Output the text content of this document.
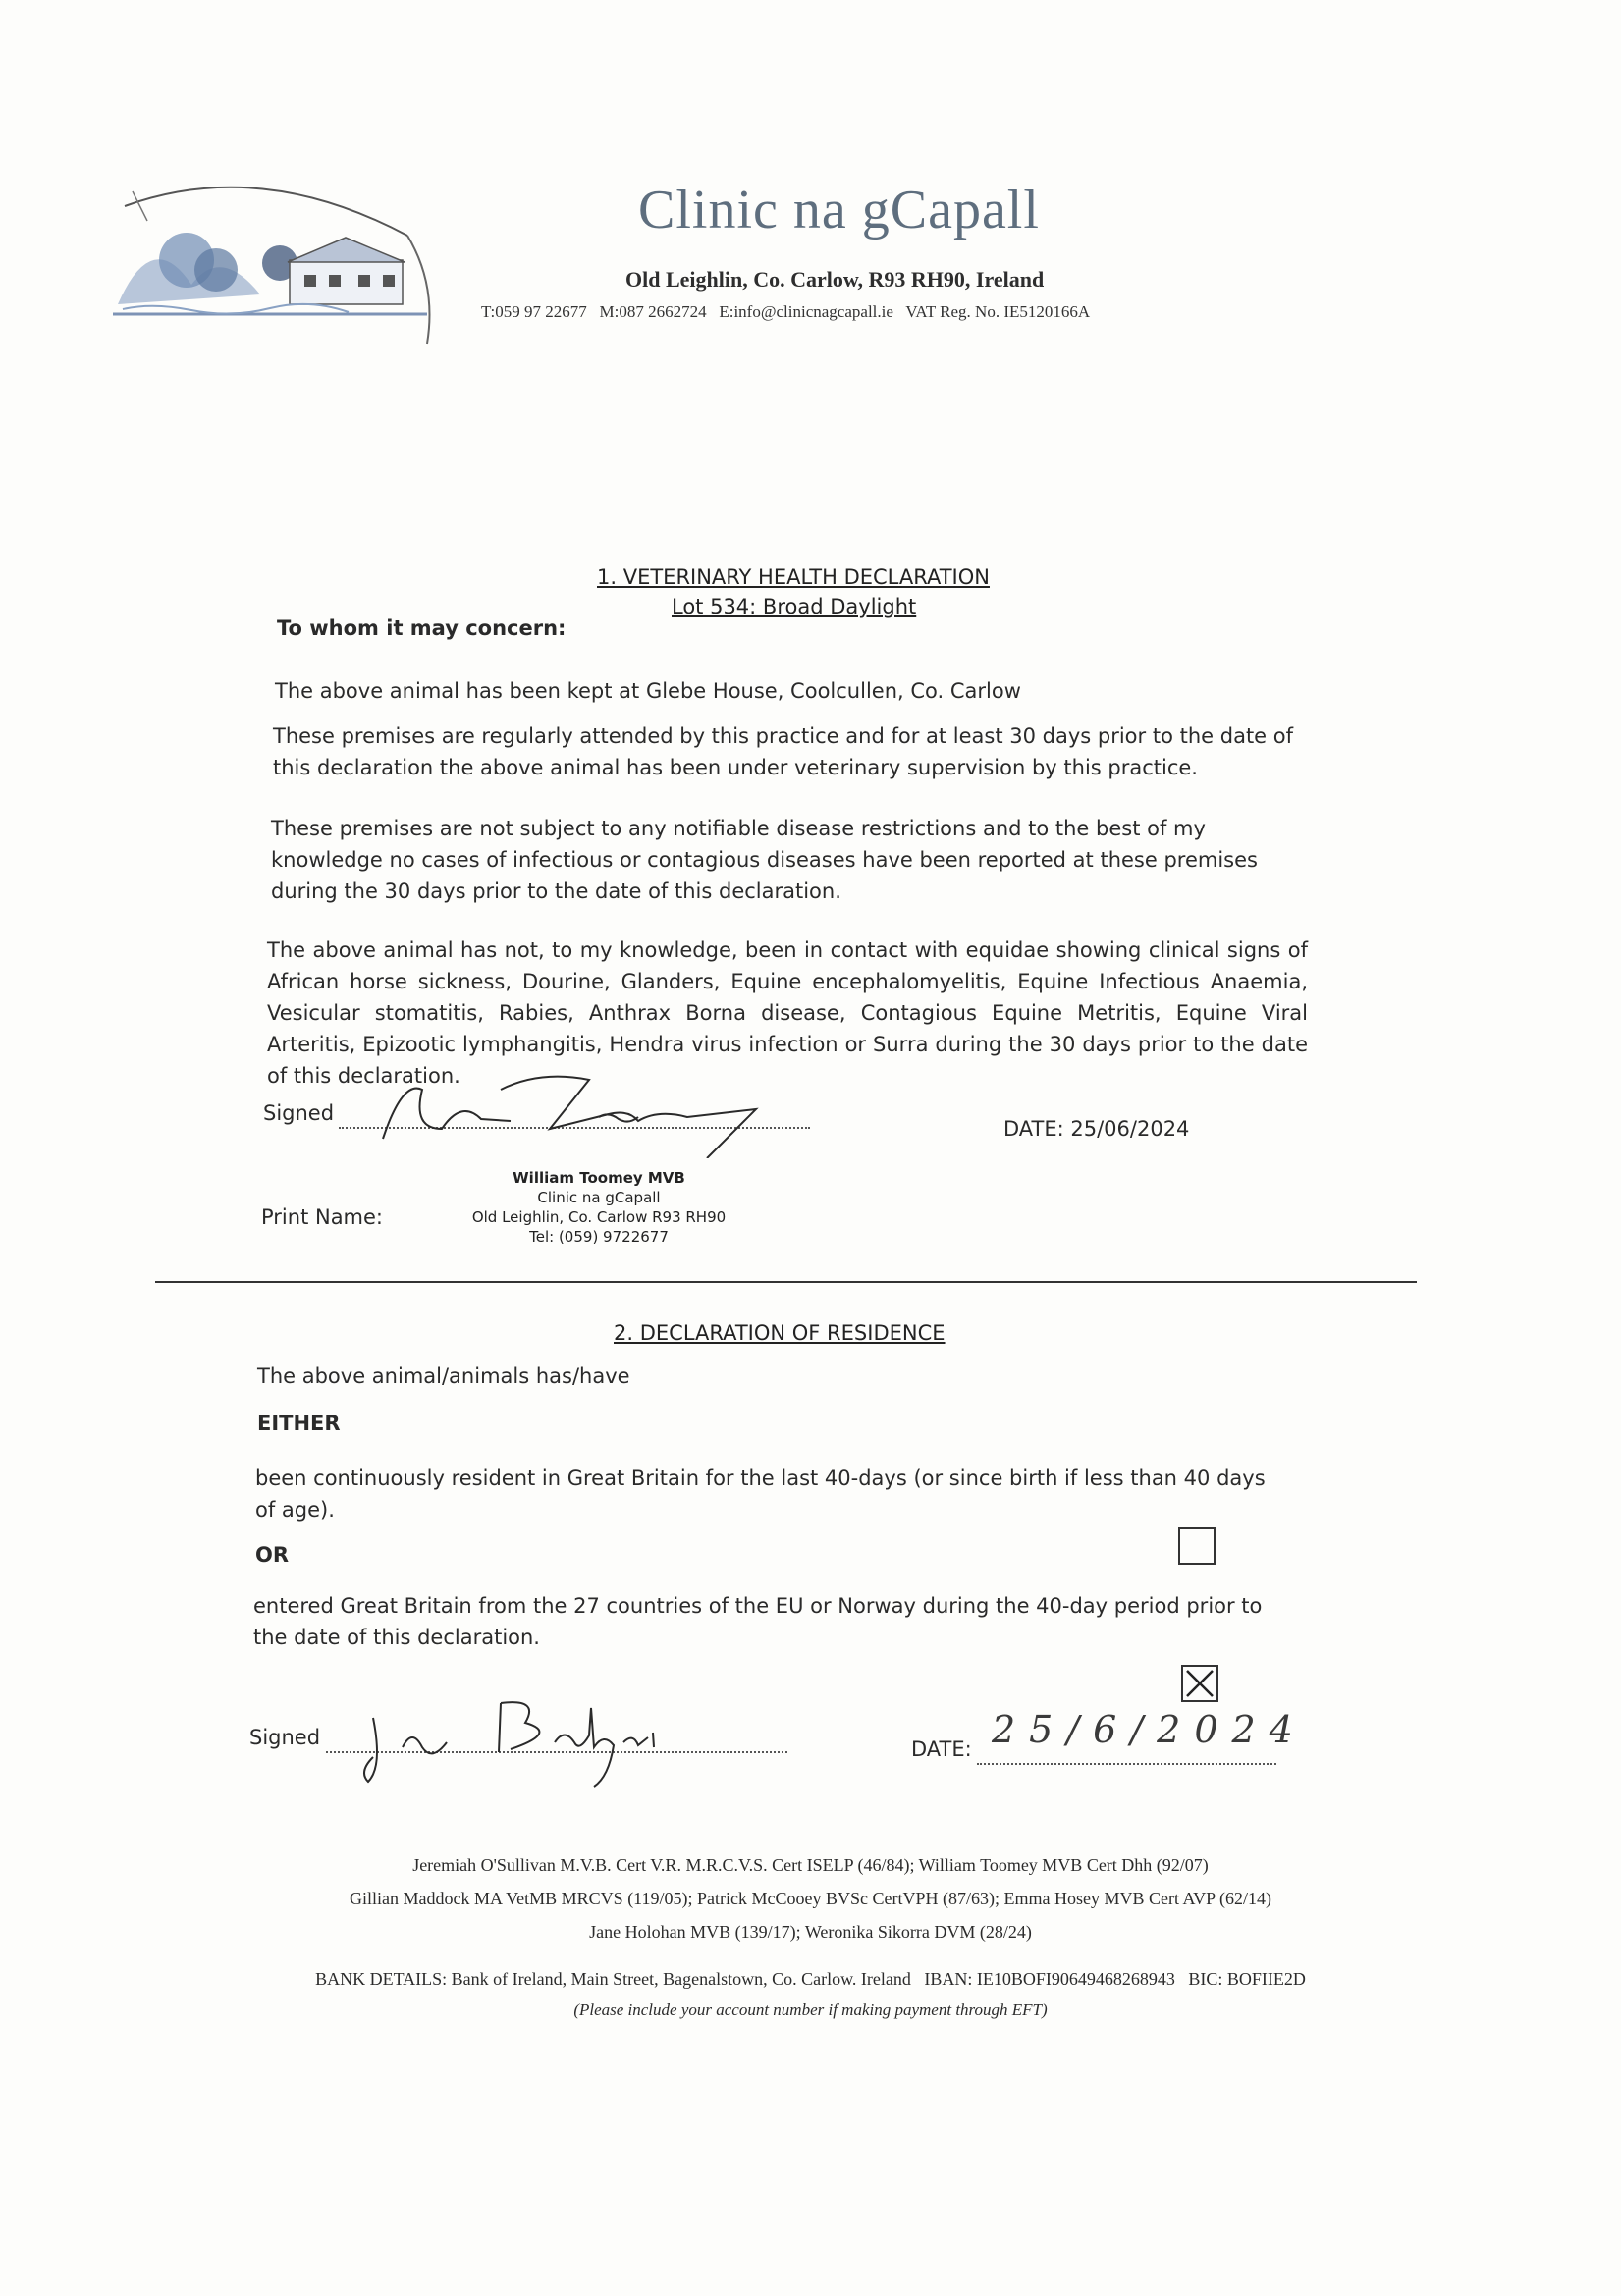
Clinic na gCapall
Old Leighlin, Co. Carlow, R93 RH90, Ireland
T:059 97 22677   M:087 2662724   E:info@clinicnagcapall.ie   VAT Reg. No. IE5120166A
1. VETERINARY HEALTH DECLARATION
Lot 534: Broad Daylight
To whom it may concern:
The above animal has been kept at Glebe House, Coolcullen, Co. Carlow
These premises are regularly attended by this practice and for at least 30 days prior to the date of this declaration the above animal has been under veterinary supervision by this practice.
These premises are not subject to any notifiable disease restrictions and to the best of my knowledge no cases of infectious or contagious diseases have been reported at these premises during the 30 days prior to the date of this declaration.
The above animal has not, to my knowledge, been in contact with equidae showing clinical signs of African horse sickness, Dourine, Glanders, Equine encephalomyelitis, Equine Infectious Anaemia, Vesicular stomatitis, Rabies, Anthrax Borna disease, Contagious Equine Metritis, Equine Viral Arteritis, Epizootic lymphangitis, Hendra virus infection or Surra during the 30 days prior to the date of this declaration.
Signed
DATE: 25/06/2024
Print Name:
William Toomey MVB
Clinic na gCapall
Old Leighlin, Co. Carlow R93 RH90
Tel: (059) 9722677
2. DECLARATION OF RESIDENCE
The above animal/animals has/have
EITHER
been continuously resident in Great Britain for the last 40-days (or since birth if less than 40 days of age).
OR
entered Great Britain from the 27 countries of the EU or Norway during the 40-day period prior to the date of this declaration.
Signed	DATE: 25/6/2024
Jeremiah O'Sullivan M.V.B. Cert V.R. M.R.C.V.S. Cert ISELP (46/84); William Toomey MVB Cert Dhh (92/07)
Gillian Maddock MA VetMB MRCVS (119/05); Patrick McCooey BVSc CertVPH (87/63); Emma Hosey MVB Cert AVP (62/14)
Jane Holohan MVB (139/17); Weronika Sikorra DVM (28/24)
BANK DETAILS: Bank of Ireland, Main Street, Bagenalstown, Co. Carlow. Ireland   IBAN: IE10BOFI90649468268943   BIC: BOFIIE2D
(Please include your account number if making payment through EFT)
